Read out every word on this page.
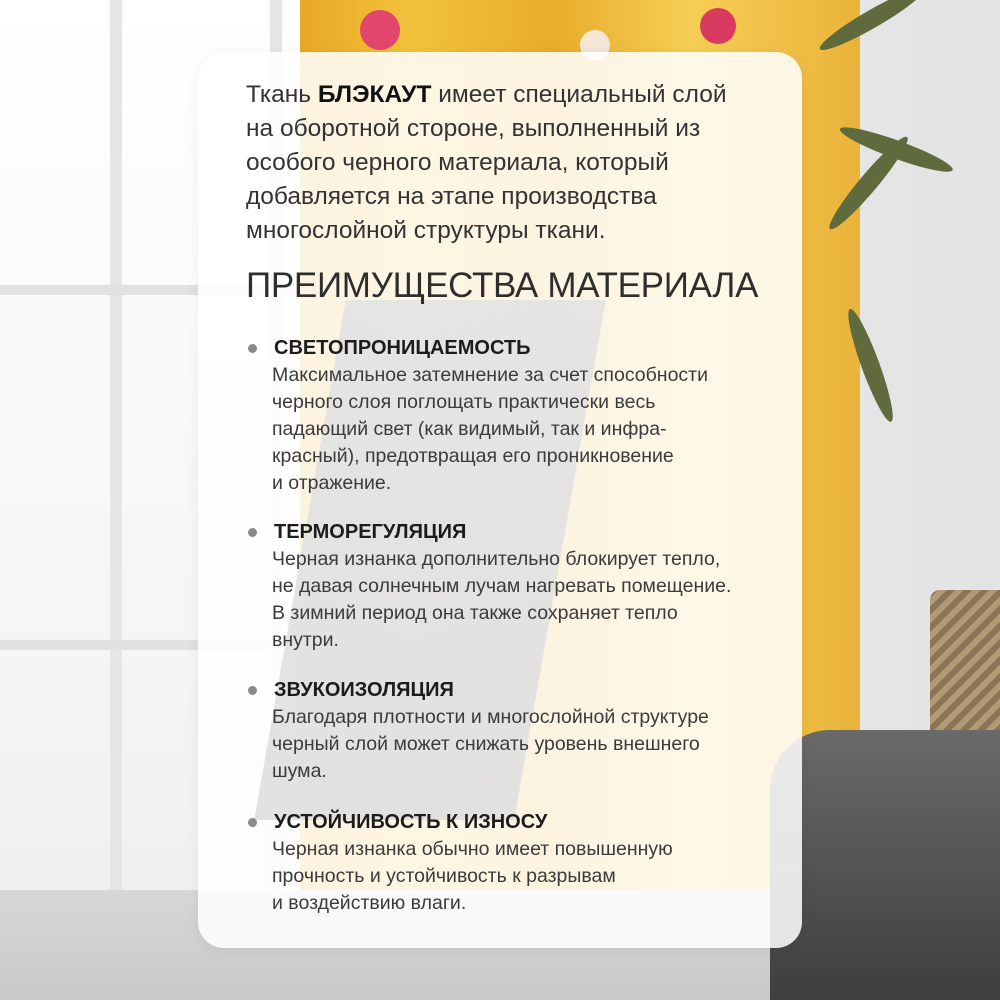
Ткань БЛЭКАУТ имеет специальный слой
на оборотной стороне, выполненный из
особого черного материала, который
добавляется на этапе производства
многослойной структуры ткани.
ПРЕИМУЩЕСТВА МАТЕРИАЛА
СВЕТОПРОНИЦАЕМОСТЬ
Максимальное затемнение за счет способности
черного слоя поглощать практически весь
падающий свет (как видимый, так и инфра-
красный), предотвращая его проникновение
и отражение.
ТЕРМОРЕГУЛЯЦИЯ
Черная изнанка дополнительно блокирует тепло,
не давая солнечным лучам нагревать помещение.
В зимний период она также сохраняет тепло
внутри.
ЗВУКОИЗОЛЯЦИЯ
Благодаря плотности и многослойной структуре
черный слой может снижать уровень внешнего
шума.
УСТОЙЧИВОСТЬ К ИЗНОСУ
Черная изнанка обычно имеет повышенную
прочность и устойчивость к разрывам
и воздействию влаги.
